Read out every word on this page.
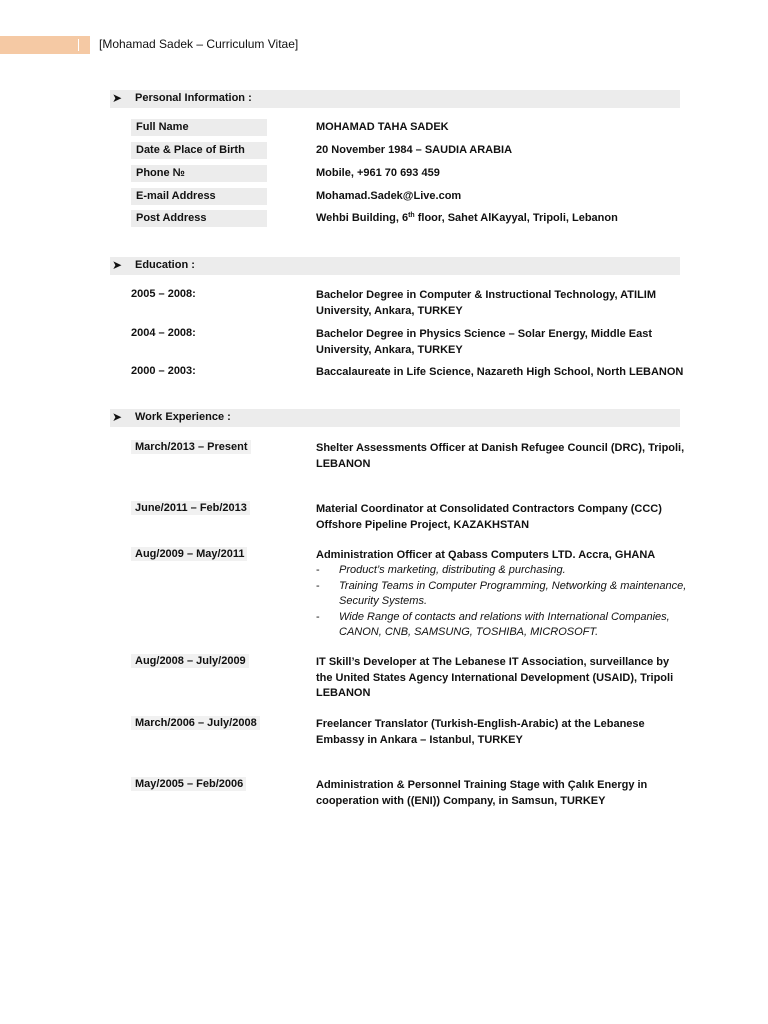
[Mohamad Sadek – Curriculum Vitae]
➤ Personal Information :
Full Name	MOHAMAD TAHA SADEK
Date & Place of Birth	20 November 1984 – SAUDIA ARABIA
Phone №	Mobile, +961 70 693 459
E-mail Address	Mohamad.Sadek@Live.com
Post Address	Wehbi Building, 6th floor, Sahet AlKayyal, Tripoli, Lebanon
➤ Education :
2005 – 2008:	Bachelor Degree in Computer & Instructional Technology, ATILIM University, Ankara, TURKEY
2004 – 2008:	Bachelor Degree in Physics Science – Solar Energy, Middle East University, Ankara, TURKEY
2000 – 2003:	Baccalaureate in Life Science, Nazareth High School, North LEBANON
➤ Work Experience :
March/2013 – Present	Shelter Assessments Officer at Danish Refugee Council (DRC), Tripoli, LEBANON
June/2011 – Feb/2013	Material Coordinator at Consolidated Contractors Company (CCC) Offshore Pipeline Project, KAZAKHSTAN
Aug/2009 – May/2011	Administration Officer at Qabass Computers LTD. Accra, GHANA
- Product’s marketing, distributing & purchasing.
- Training Teams in Computer Programming, Networking & maintenance, Security Systems.
- Wide Range of contacts and relations with International Companies, CANON, CNB, SAMSUNG, TOSHIBA, MICROSOFT.
Aug/2008 – July/2009	IT Skill’s Developer at The Lebanese IT Association, surveillance by the United States Agency International Development (USAID), Tripoli LEBANON
March/2006 – July/2008	Freelancer Translator (Turkish-English-Arabic) at the Lebanese Embassy in Ankara – Istanbul, TURKEY
May/2005 – Feb/2006	Administration & Personnel Training Stage with Çalık Energy in cooperation with ((ENI)) Company, in Samsun, TURKEY
